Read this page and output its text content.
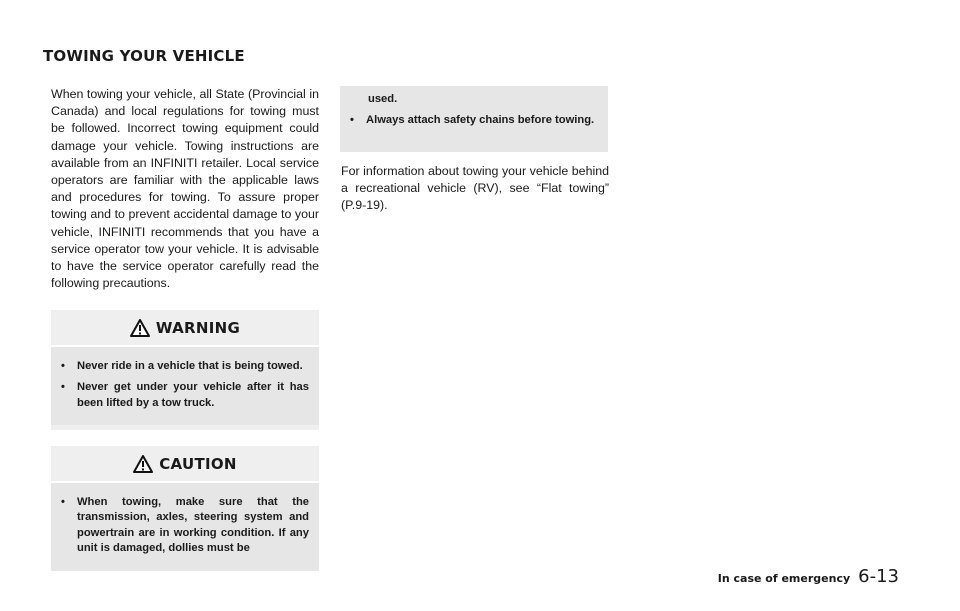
TOWING YOUR VEHICLE

When towing your vehicle, all State (Provincial in Canada) and local regulations for towing must be followed. Incorrect towing equipment could damage your vehicle. Towing instructions are available from an INFINITI retailer. Local service operators are familiar with the applicable laws and procedures for towing. To assure proper towing and to prevent accidental damage to your vehicle, INFINITI recommends that you have a service operator tow your vehicle. It is advisable to have the service operator carefully read the following precautions.

WARNING
•	Never ride in a vehicle that is being towed.
•	Never get under your vehicle after it has been lifted by a tow truck.
CAUTION
•	When towing, make sure that the transmission, axles, steering system and powertrain are in working condition. If any unit is damaged, dollies must be
used.
•	Always attach safety chains before towing.

For information about towing your vehicle behind a recreational vehicle (RV), see “Flat towing” (P.9-19).

In case of emergency 6-13
